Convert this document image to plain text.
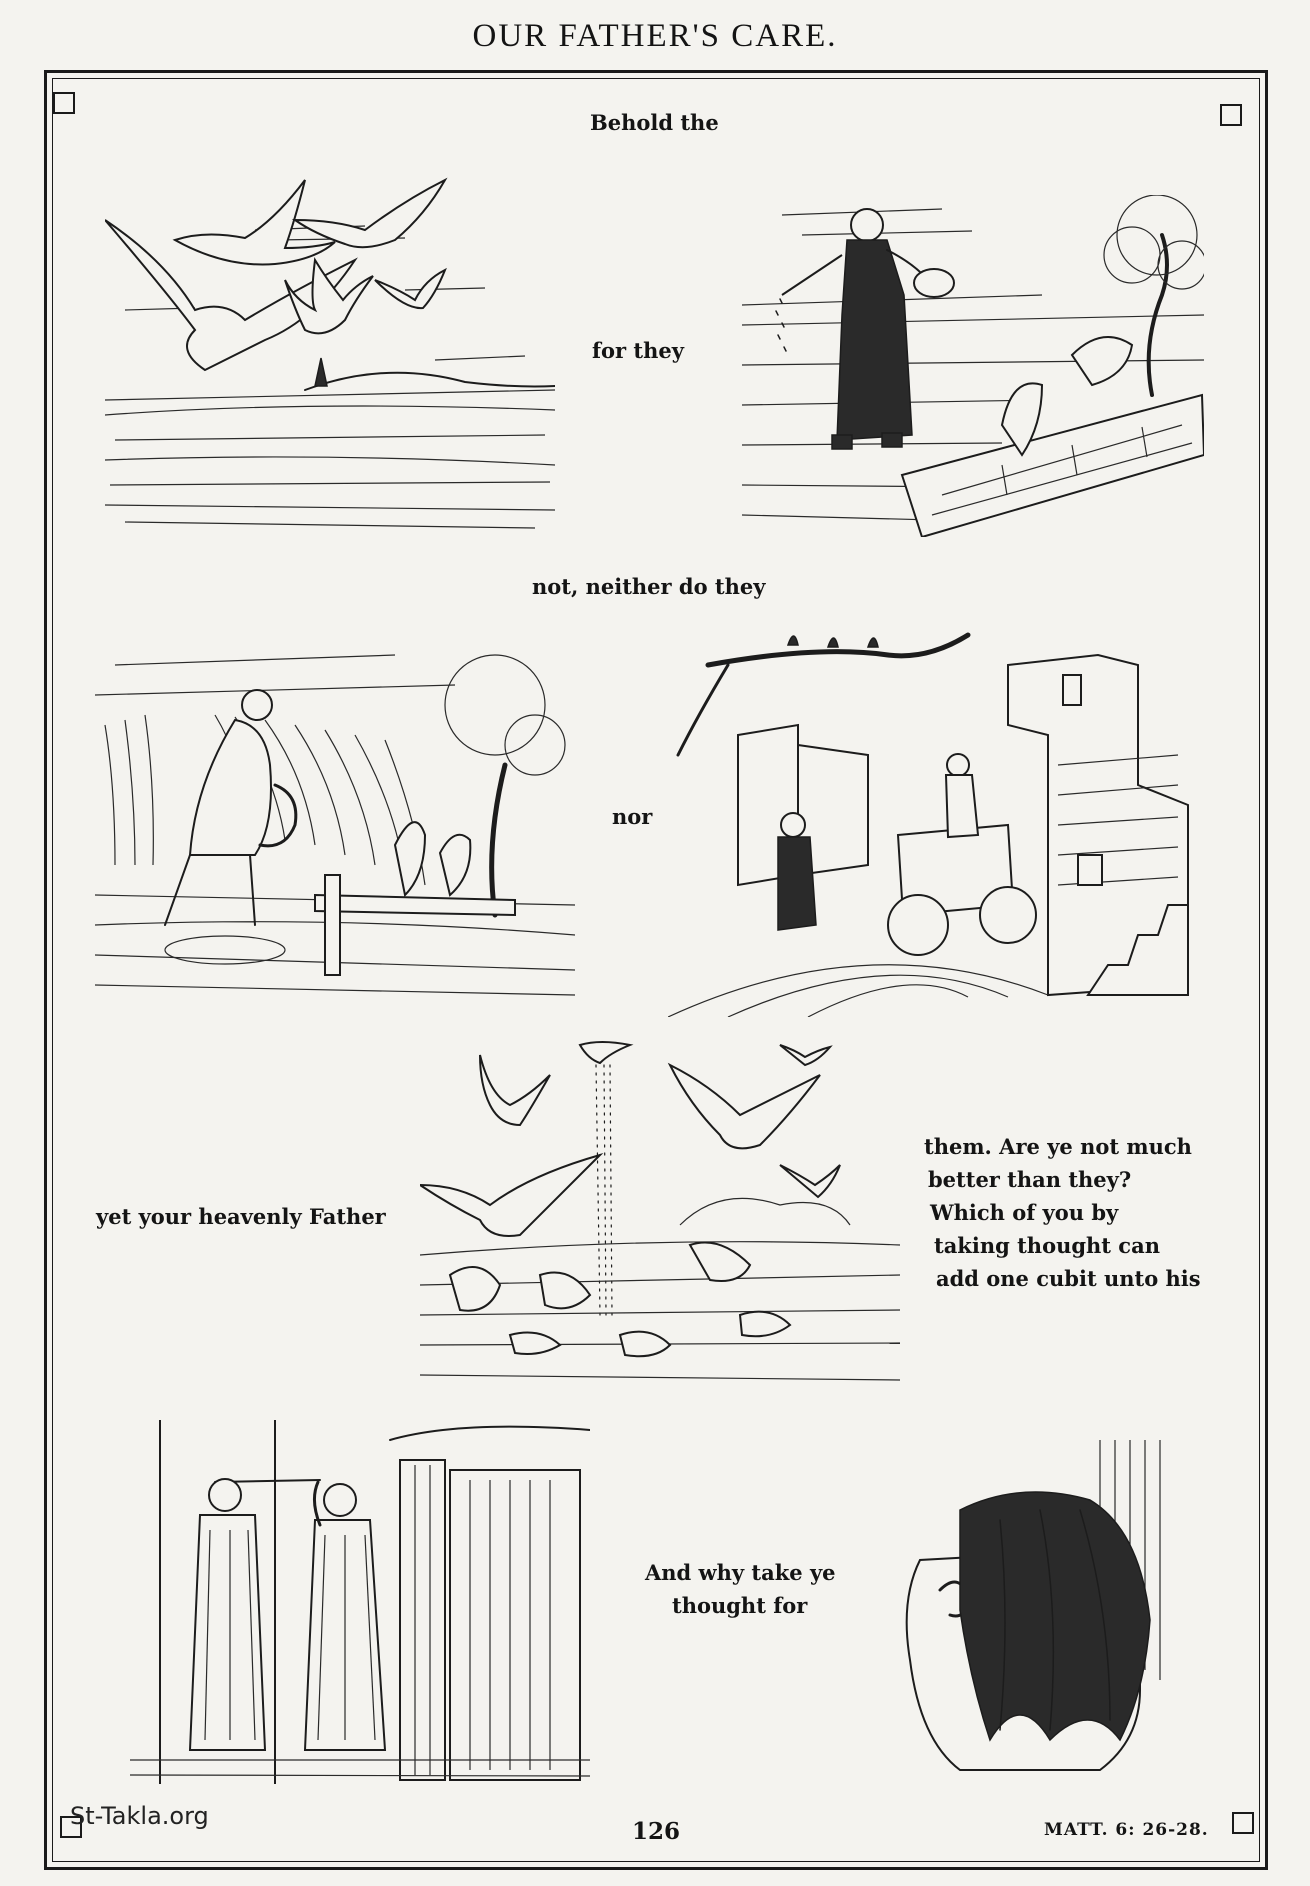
OUR FATHER'S CARE.
Behold the
for they
not, neither do they
nor
yet your heavenly Father
them. Are ye not much
better than they?
Which of you by
taking thought can
add one cubit unto his
And why take ye
thought for
St-Takla.org
126	MATT. 6: 26-28.
